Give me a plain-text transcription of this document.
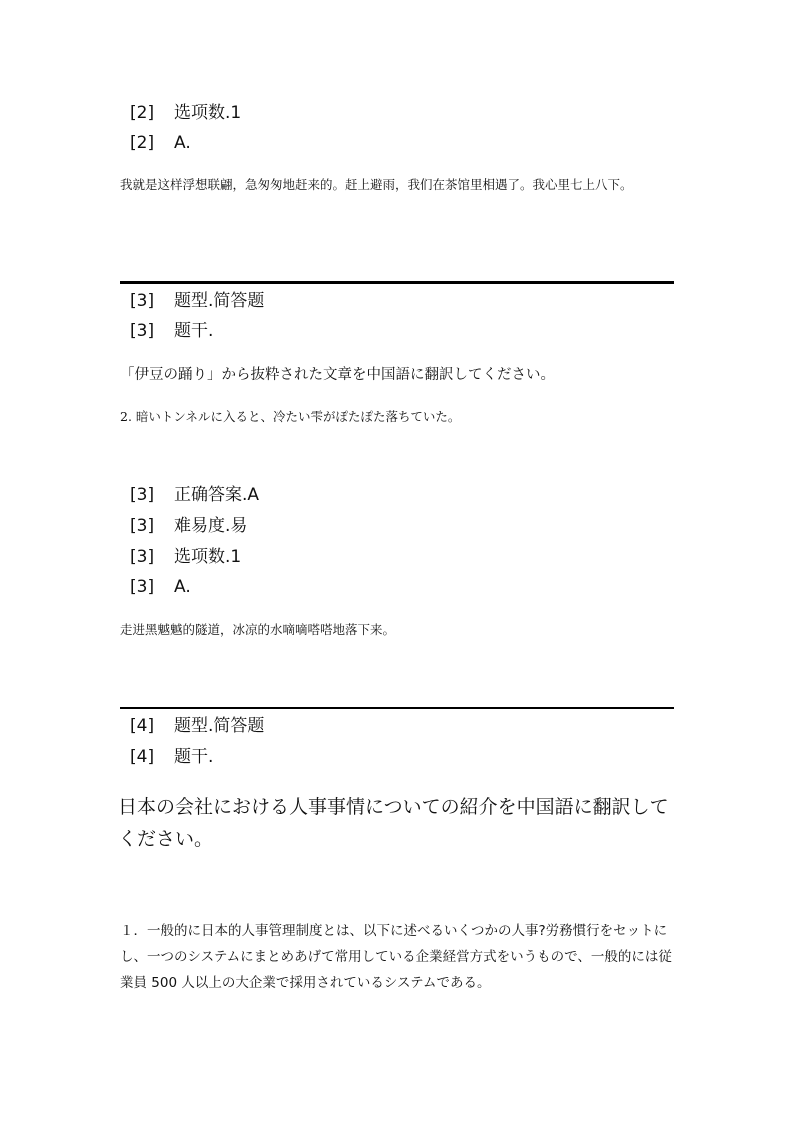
[2] 选项数.1
[2] A.
我就是这样浮想联翩，急匆匆地赶来的。赶上避雨，我们在茶馆里相遇了。我心里七上八下。
[3] 题型.简答题
[3] 题干.
「伊豆の踊り」から抜粋された文章を中国語に翻訳してください。
2. 暗いトンネルに入ると、冷たい雫がぽたぽた落ちていた。
[3] 正确答案.A
[3] 难易度.易
[3] 选项数.1
[3] A.
走进黑魆魆的隧道，冰凉的水嘀嘀嗒嗒地落下来。
[4] 题型.简答题
[4] 题干.
日本の会社における人事事情についての紹介を中国語に翻訳してください。
１．一般的に日本的人事管理制度とは、以下に述べるいくつかの人事?労務慣行をセットにし、一つのシステムにまとめあげて常用している企業経営方式をいうもので、一般的には従業員 500 人以上の大企業で採用されているシステムである。
